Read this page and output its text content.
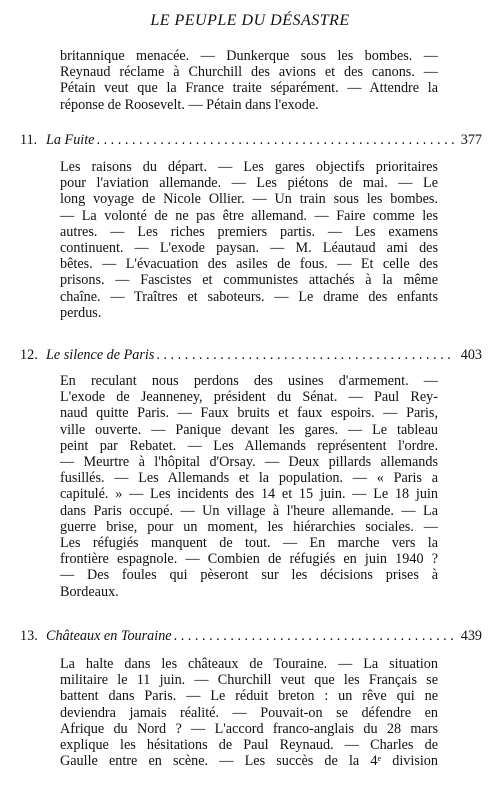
LE PEUPLE DU DÉSASTRE
britannique menacée. — Dunkerque sous les bombes. —
Reynaud réclame à Churchill des avions et des canons. —
Pétain veut que la France traite séparément. — Attendre la
réponse de Roosevelt. — Pétain dans l'exode.
11. La Fuite . . .	377
Les raisons du départ. — Les gares objectifs prioritaires
pour l'aviation allemande. — Les piétons de mai. — Le
long voyage de Nicole Ollier. — Un train sous les bombes.
— La volonté de ne pas être allemand. — Faire comme les
autres. — Les riches premiers partis. — Les examens
continuent. — L'exode paysan. — M. Léautaud ami des
bêtes. — L'évacuation des asiles de fous. — Et celle des
prisons. — Fascistes et communistes attachés à la même
chaîne. — Traîtres et saboteurs. — Le drame des enfants
perdus.
12. Le silence de Paris . . .	403
En reculant nous perdons des usines d'armement. —
L'exode de Jeanneney, président du Sénat. — Paul Rey-
naud quitte Paris. — Faux bruits et faux espoirs. — Paris,
ville ouverte. — Panique devant les gares. — Le tableau
peint par Rebatet. — Les Allemands représentent l'ordre.
— Meurtre à l'hôpital d'Orsay. — Deux pillards allemands
fusillés. — Les Allemands et la population. — « Paris a
capitulé. » — Les incidents des 14 et 15 juin. — Le 18 juin
dans Paris occupé. — Un village à l'heure allemande. — La
guerre brise, pour un moment, les hiérarchies sociales. —
Les réfugiés manquent de tout. — En marche vers la
frontière espagnole. — Combien de réfugiés en juin 1940 ?
— Des foules qui pèseront sur les décisions prises à
Bordeaux.
13. Châteaux en Touraine . . .	439
La halte dans les châteaux de Touraine. — La situation
militaire le 11 juin. — Churchill veut que les Français se
battent dans Paris. — Le réduit breton : un rêve qui ne
deviendra jamais réalité. — Pouvait-on se défendre en
Afrique du Nord ? — L'accord franco-anglais du 28 mars
explique les hésitations de Paul Reynaud. — Charles de
Gaulle entre en scène. — Les succès de la 4ᵉ division
